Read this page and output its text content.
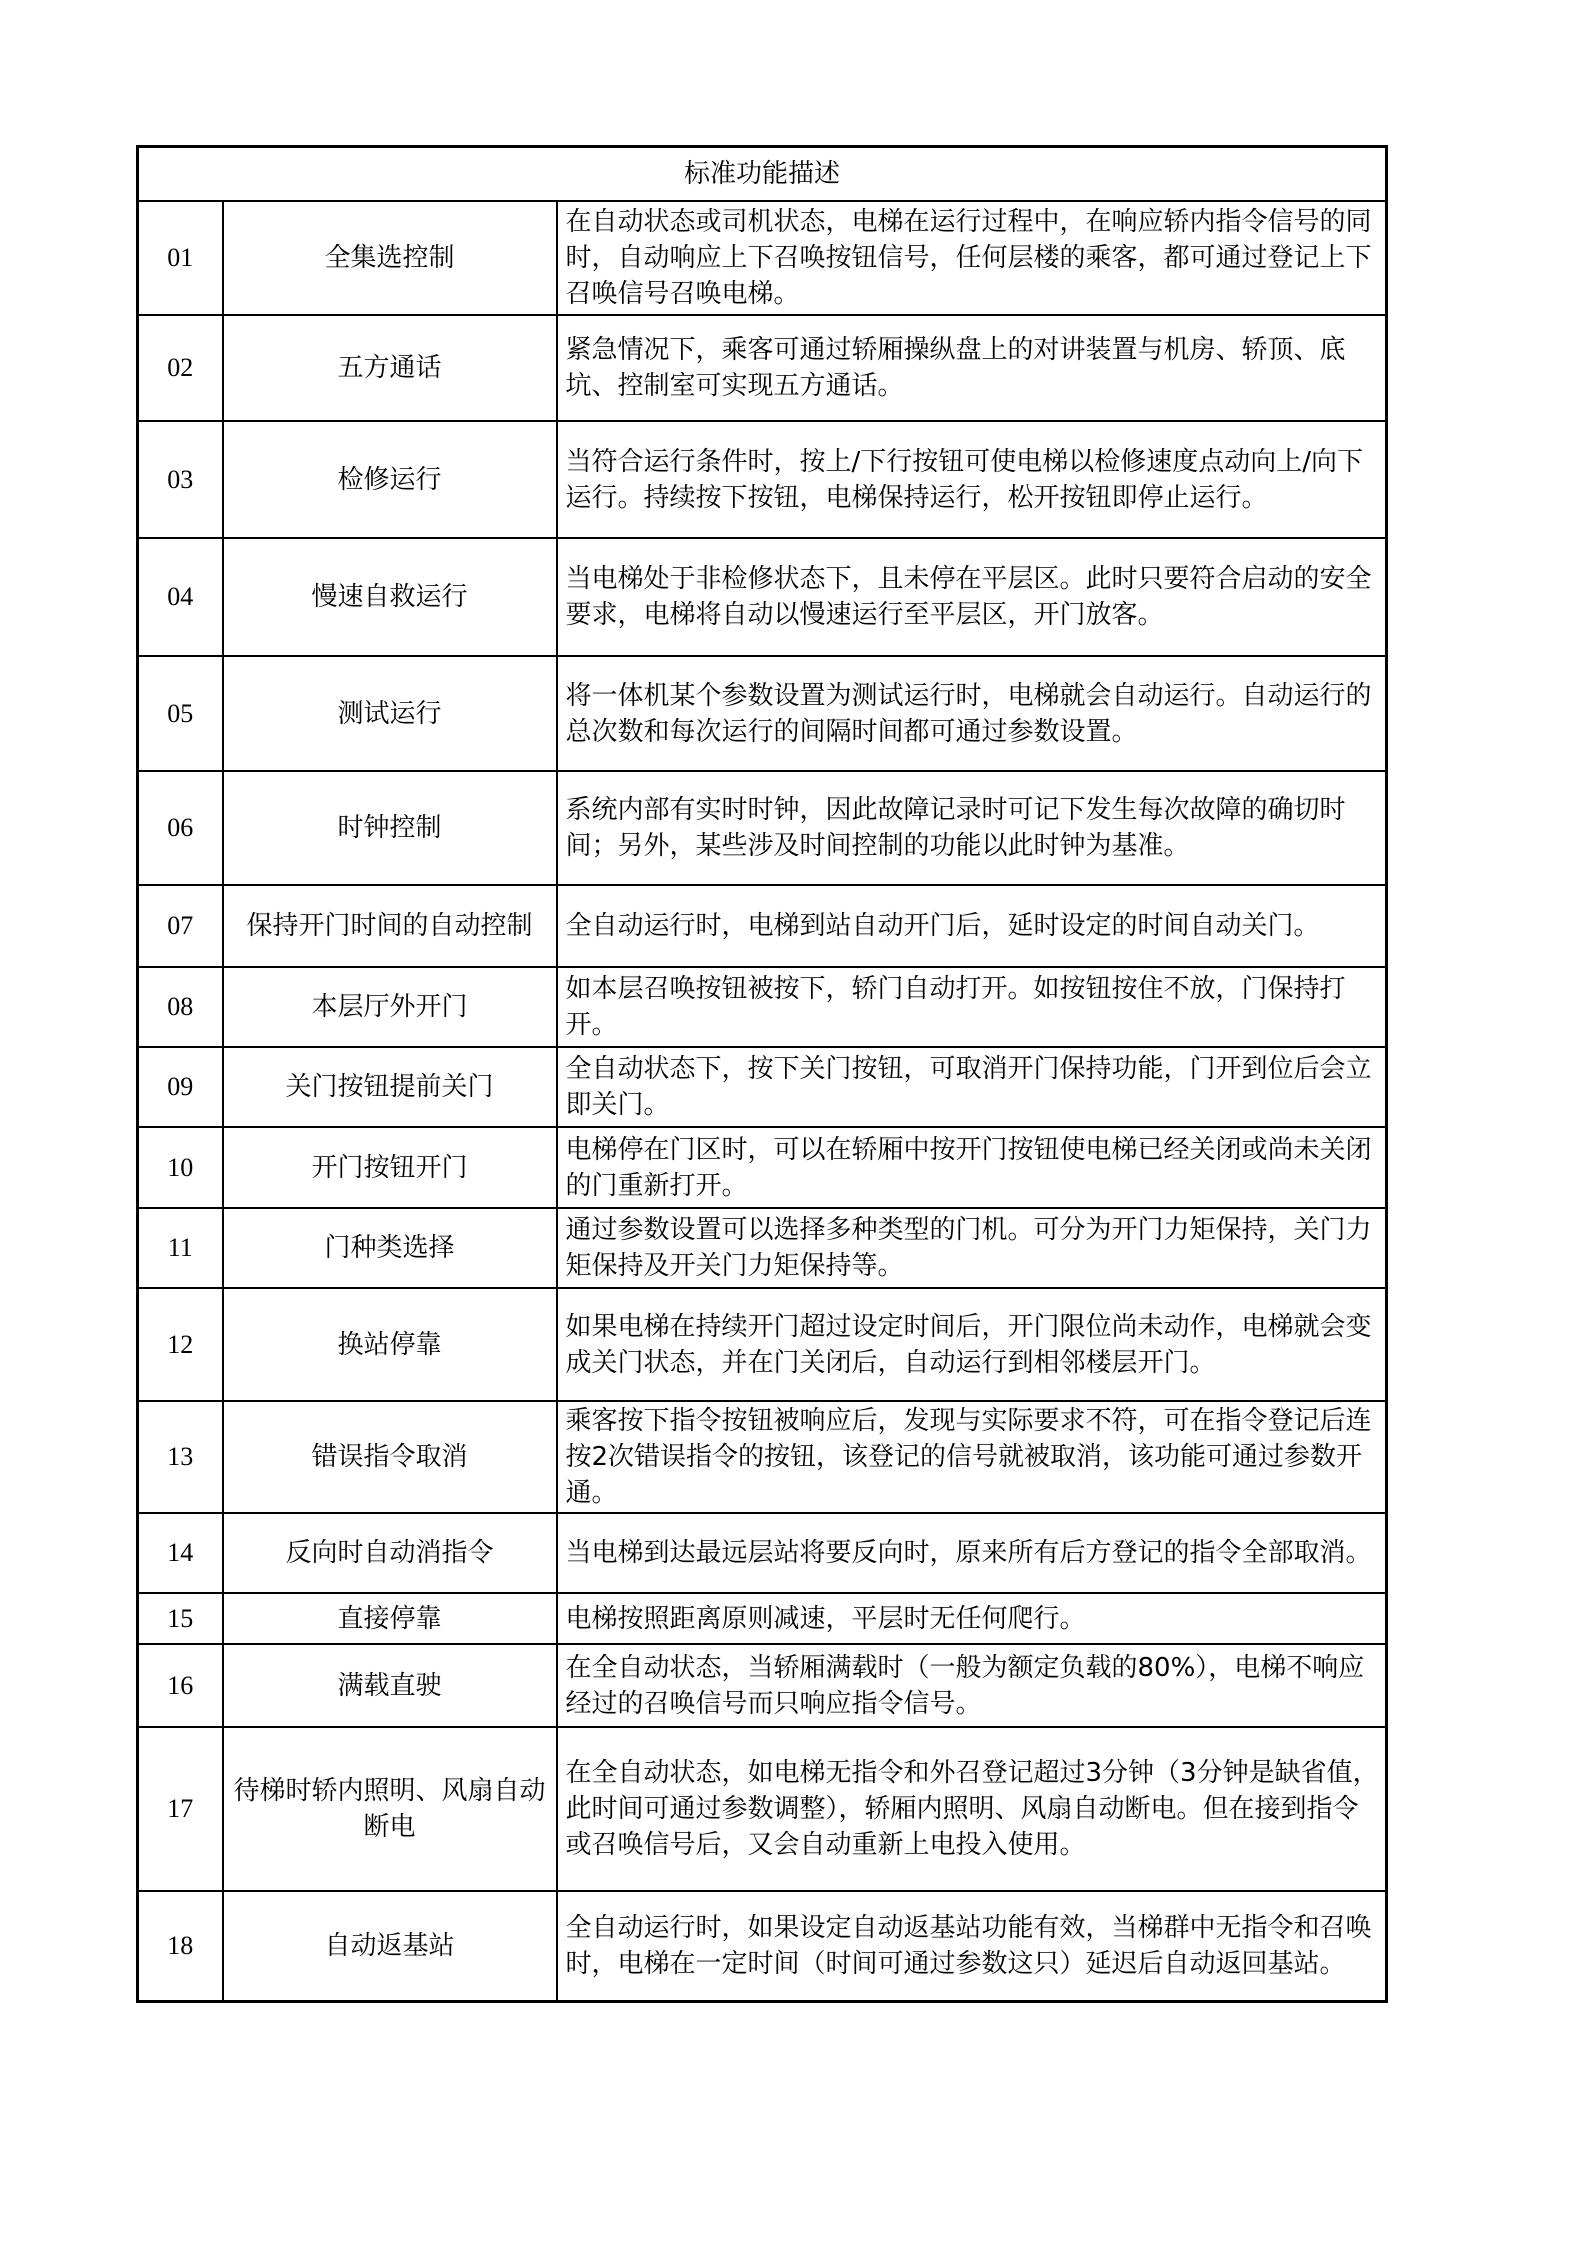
标准功能描述		
01	全集选控制	在自动状态或司机状态，电梯在运行过程中，在响应轿内指令信号的同时，自动响应上下召唤按钮信号，任何层楼的乘客，都可通过登记上下召唤信号召唤电梯。
02	五方通话	紧急情况下，乘客可通过轿厢操纵盘上的对讲装置与机房、轿顶、底坑、控制室可实现五方通话。
03	检修运行	当符合运行条件时，按上/下行按钮可使电梯以检修速度点动向上/向下运行。持续按下按钮，电梯保持运行，松开按钮即停止运行。
04	慢速自救运行	当电梯处于非检修状态下，且未停在平层区。此时只要符合启动的安全要求，电梯将自动以慢速运行至平层区，开门放客。
05	测试运行	将一体机某个参数设置为测试运行时，电梯就会自动运行。自动运行的总次数和每次运行的间隔时间都可通过参数设置。
06	时钟控制	系统内部有实时时钟，因此故障记录时可记下发生每次故障的确切时间；另外，某些涉及时间控制的功能以此时钟为基准。
07	保持开门时间的自动控制	全自动运行时，电梯到站自动开门后，延时设定的时间自动关门。
08	本层厅外开门	如本层召唤按钮被按下，轿门自动打开。如按钮按住不放，门保持打开。
09	关门按钮提前关门	全自动状态下，按下关门按钮，可取消开门保持功能，门开到位后会立即关门。
10	开门按钮开门	电梯停在门区时，可以在轿厢中按开门按钮使电梯已经关闭或尚未关闭的门重新打开。
11	门种类选择	通过参数设置可以选择多种类型的门机。可分为开门力矩保持，关门力矩保持及开关门力矩保持等。
12	换站停靠	如果电梯在持续开门超过设定时间后，开门限位尚未动作，电梯就会变成关门状态，并在门关闭后，自动运行到相邻楼层开门。
13	错误指令取消	乘客按下指令按钮被响应后，发现与实际要求不符，可在指令登记后连按2次错误指令的按钮，该登记的信号就被取消，该功能可通过参数开通。
14	反向时自动消指令	当电梯到达最远层站将要反向时，原来所有后方登记的指令全部取消。
15	直接停靠	电梯按照距离原则减速，平层时无任何爬行。
16	满载直驶	在全自动状态，当轿厢满载时（一般为额定负载的80%），电梯不响应经过的召唤信号而只响应指令信号。
17	待梯时轿内照明、风扇自动断电	在全自动状态，如电梯无指令和外召登记超过3分钟（3分钟是缺省值，此时间可通过参数调整），轿厢内照明、风扇自动断电。但在接到指令或召唤信号后，又会自动重新上电投入使用。
18	自动返基站	全自动运行时，如果设定自动返基站功能有效，当梯群中无指令和召唤时，电梯在一定时间（时间可通过参数这只）延迟后自动返回基站。
